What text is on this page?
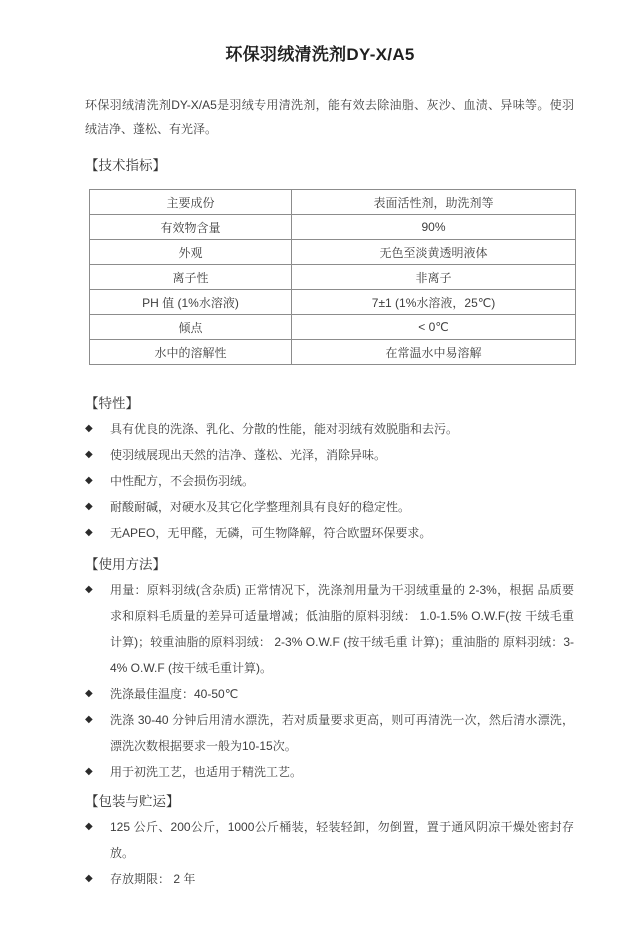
环保羽绒清洗剂DY-X/A5

环保羽绒清洗剂DY-X/A5是羽绒专用清洗剂，能有效去除油脂、灰沙、血渍、异味等。使羽绒洁净、蓬松、有光泽。

【技术指标】
主要成份	表面活性剂，助洗剂等
有效物含量	90%
外观	无色至淡黄透明液体
离子性	非离子
PH 值 (1%水溶液)	7±1 (1%水溶液，25℃)
倾点	< 0℃
水中的溶解性	在常温水中易溶解
【特性】
◆	具有优良的洗涤、乳化、分散的性能，能对羽绒有效脱脂和去污。
◆	使羽绒展现出天然的洁净、蓬松、光泽，消除异味。
◆	中性配方，不会损伤羽绒。
◆	耐酸耐碱，对硬水及其它化学整理剂具有良好的稳定性。
◆	无APEO，无甲醛，无磷，可生物降解，符合欧盟环保要求。
【使用方法】
◆	用量：原料羽绒(含杂质) 正常情况下，洗涤剂用量为干羽绒重量的 2-3%，根据 品质要求和原料毛质量的差异可适量增减；低油脂的原料羽绒： 1.0-1.5% O.W.F(按 干绒毛重计算)；较重油脂的原料羽绒： 2-3% O.W.F (按干绒毛重 计算)；重油脂的 原料羽绒：3-4% O.W.F (按干绒毛重计算)。
◆	洗涤最佳温度：40-50℃
◆	洗涤 30-40 分钟后用清水漂洗，若对质量要求更高，则可再清洗一次，然后清水漂洗，漂洗次数根据要求一般为10-15次。
◆	用于初洗工艺，也适用于精洗工艺。
【包装与贮运】
◆	125 公斤、200公斤，1000公斤桶装，轻装轻卸，勿倒置，置于通风阴凉干燥处密封存放。
◆	存放期限： 2 年
